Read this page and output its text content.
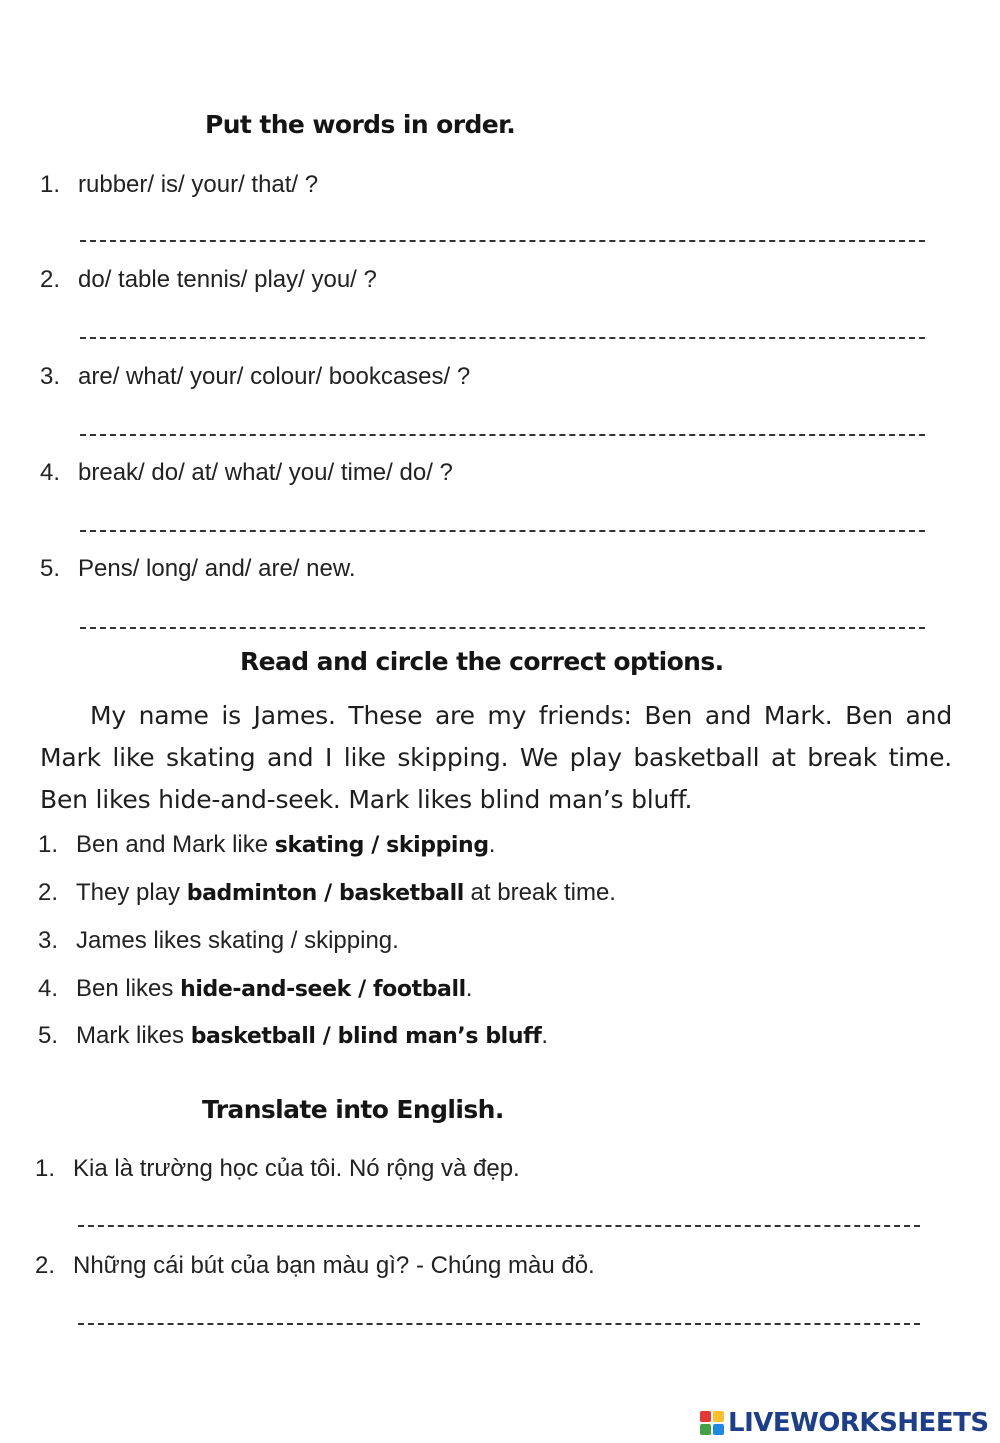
Put the words in order.
1. rubber/ is/ your/ that/ ?
2. do/ table tennis/ play/ you/ ?
3. are/ what/ your/ colour/ bookcases/ ?
4. break/ do/ at/ what/ you/ time/ do/ ?
5. Pens/ long/ and/ are/ new.
Read and circle the correct options.

My name is James. These are my friends: Ben and Mark. Ben and Mark like skating and I like skipping. We play basketball at break time. Ben likes hide-and-seek. Mark likes blind man’s bluff.

1. Ben and Mark like skating / skipping.
2. They play badminton / basketball at break time.
3. James likes skating / skipping.
4. Ben likes hide-and-seek / football.
5. Mark likes basketball / blind man’s bluff.
Translate into English.
1. Kia là trường học của tôi. Nó rộng và đẹp.
2. Những cái bút của bạn màu gì? - Chúng màu đỏ.
LIVEWORKSHEETS
